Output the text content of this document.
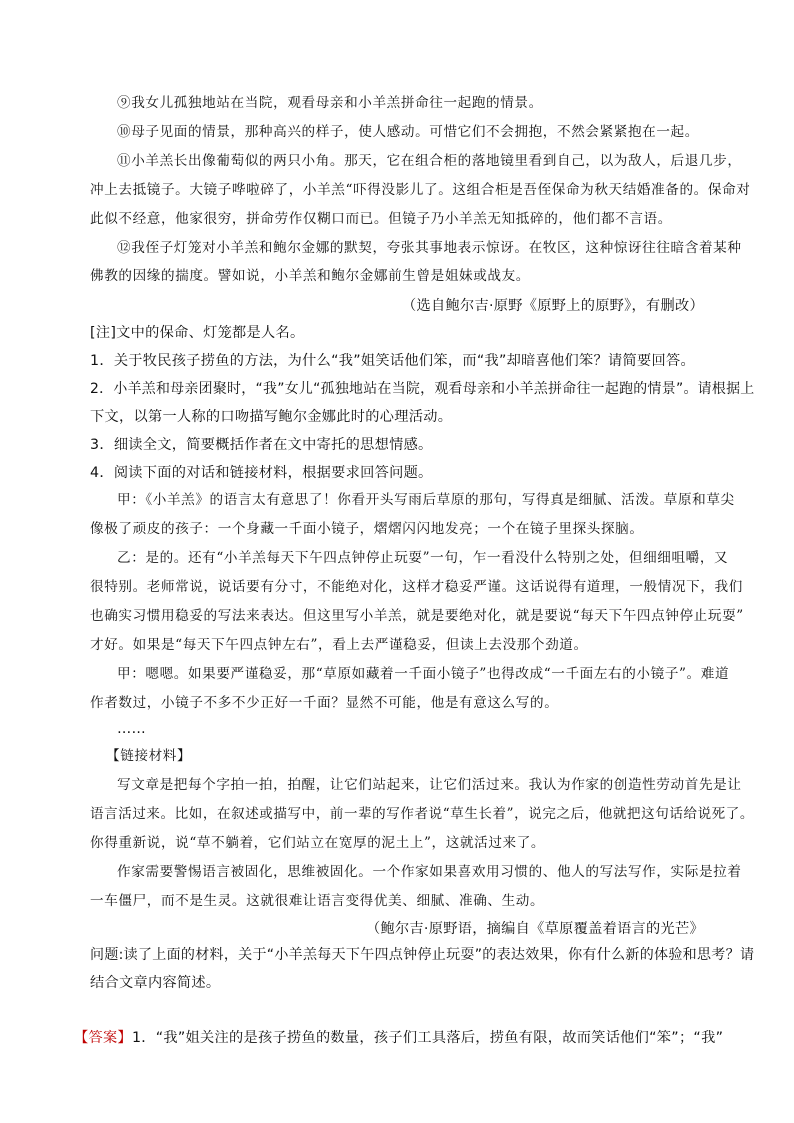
⑨我女儿孤独地站在当院，观看母亲和小羊羔拼命往一起跑的情景。
⑩母子见面的情景，那种高兴的样子，使人感动。可惜它们不会拥抱，不然会紧紧抱在一起。
⑪小羊羔长出像葡萄似的两只小角。那天，它在组合柜的落地镜里看到自己，以为敌人，后退几步，
冲上去抵镜子。大镜子哗啦碎了，小羊羔“吓得没影儿了。这组合柜是吾侄保命为秋天结婚准备的。保命对
此似不经意，他家很穷，拼命劳作仅糊口而已。但镜子乃小羊羔无知抵碎的，他们都不言语。
⑫我侄子灯笼对小羊羔和鲍尔金娜的默契，夸张其事地表示惊讶。在牧区，这种惊讶往往暗含着某种
佛教的因缘的揣度。譬如说，小羊羔和鲍尔金娜前生曾是姐妹或战友。
（选自鲍尔吉·原野《原野上的原野》，有删改）
[注]文中的保命、灯笼都是人名。
1．关于牧民孩子捞鱼的方法，为什么“我”姐笑话他们笨，而“我”却暗喜他们笨？请简要回答。
2．小羊羔和母亲团聚时，“我”女儿“孤独地站在当院，观看母亲和小羊羔拼命往一起跑的情景”。请根据上
下文，以第一人称的口吻描写鲍尔金娜此时的心理活动。
3．细读全文，简要概括作者在文中寄托的思想情感。
4．阅读下面的对话和链接材料，根据要求回答问题。
甲：《小羊羔》的语言太有意思了！你看开头写雨后草原的那句，写得真是细腻、活泼。草原和草尖
像极了顽皮的孩子：一个身藏一千面小镜子，熠熠闪闪地发亮；一个在镜子里探头探脑。
乙：是的。还有“小羊羔每天下午四点钟停止玩耍”一句，乍一看没什么特别之处，但细细咀嚼，又
很特别。老师常说，说话要有分寸，不能绝对化，这样才稳妥严谨。这话说得有道理，一般情况下，我们
也确实习惯用稳妥的写法来表达。但这里写小羊羔，就是要绝对化，就是要说“每天下午四点钟停止玩耍”
才好。如果是“每天下午四点钟左右”，看上去严谨稳妥，但读上去没那个劲道。
甲：嗯嗯。如果要严谨稳妥，那“草原如藏着一千面小镜子”也得改成“一千面左右的小镜子”。难道
作者数过，小镜子不多不少正好一千面？显然不可能，他是有意这么写的。
……
【链接材料】
写文章是把每个字拍一拍，拍醒，让它们站起来，让它们活过来。我认为作家的创造性劳动首先是让
语言活过来。比如，在叙述或描写中，前一辈的写作者说“草生长着”，说完之后，他就把这句话给说死了。
你得重新说，说“草不躺着，它们站立在宽厚的泥土上”，这就活过来了。
作家需要警惕语言被固化，思维被固化。一个作家如果喜欢用习惯的、他人的写法写作，实际是拉着
一车僵尸，而不是生灵。这就很难让语言变得优美、细腻、准确、生动。
（鲍尔吉·原野语，摘编自《草原覆盖着语言的光芒》
问题:读了上面的材料，关于“小羊羔每天下午四点钟停止玩耍”的表达效果，你有什么新的体验和思考？请
结合文章内容简述。
【答案】1．“我”姐关注的是孩子捞鱼的数量，孩子们工具落后，捞鱼有限，故而笑话他们“笨”；“我”
